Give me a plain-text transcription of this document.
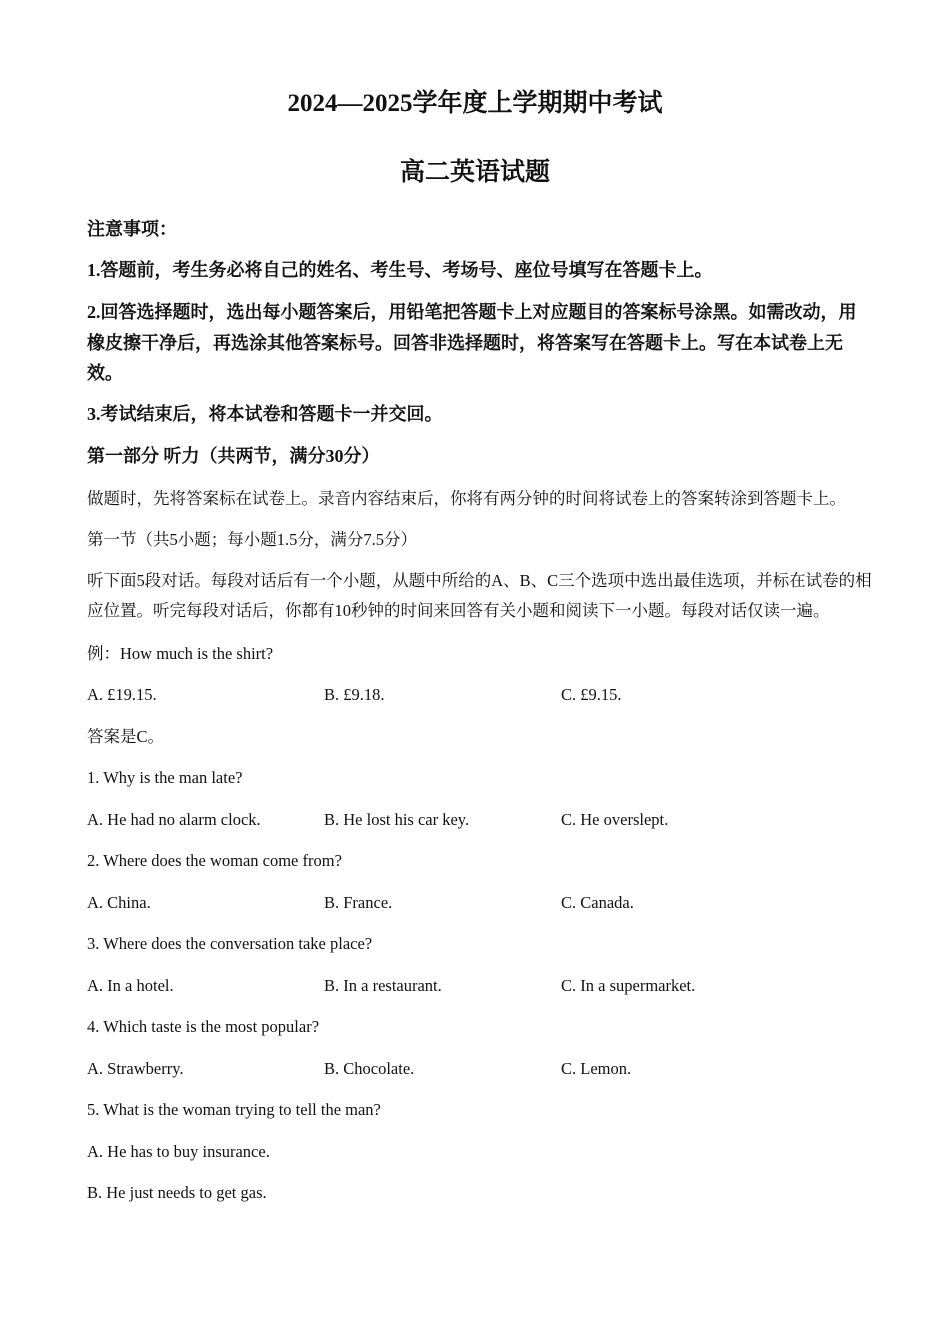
2024—2025学年度上学期期中考试
高二英语试题
注意事项：
1.答题前，考生务必将自己的姓名、考生号、考场号、座位号填写在答题卡上。
2.回答选择题时，选出每小题答案后，用铅笔把答题卡上对应题目的答案标号涂黑。如需改动，用橡皮擦干净后，再选涂其他答案标号。回答非选择题时，将答案写在答题卡上。写在本试卷上无效。
3.考试结束后，将本试卷和答题卡一并交回。
第一部分 听力（共两节，满分30分）
做题时，先将答案标在试卷上。录音内容结束后，你将有两分钟的时间将试卷上的答案转涂到答题卡上。
第一节（共5小题；每小题1.5分，满分7.5分）
听下面5段对话。每段对话后有一个小题，从题中所给的A、B、C三个选项中选出最佳选项，并标在试卷的相应位置。听完每段对话后，你都有10秒钟的时间来回答有关小题和阅读下一小题。每段对话仅读一遍。
例：How much is the shirt?
A. £19.15.	B. £9.18.	C. £9.15.
答案是C。
1. Why is the man late?
A. He had no alarm clock.	B. He lost his car key.	C. He overslept.
2. Where does the woman come from?
A. China.	B. France.	C. Canada.
3. Where does the conversation take place?
A. In a hotel.	B. In a restaurant.	C. In a supermarket.
4. Which taste is the most popular?
A. Strawberry.	B. Chocolate.	C. Lemon.
5. What is the woman trying to tell the man?
A. He has to buy insurance.
B. He just needs to get gas.
